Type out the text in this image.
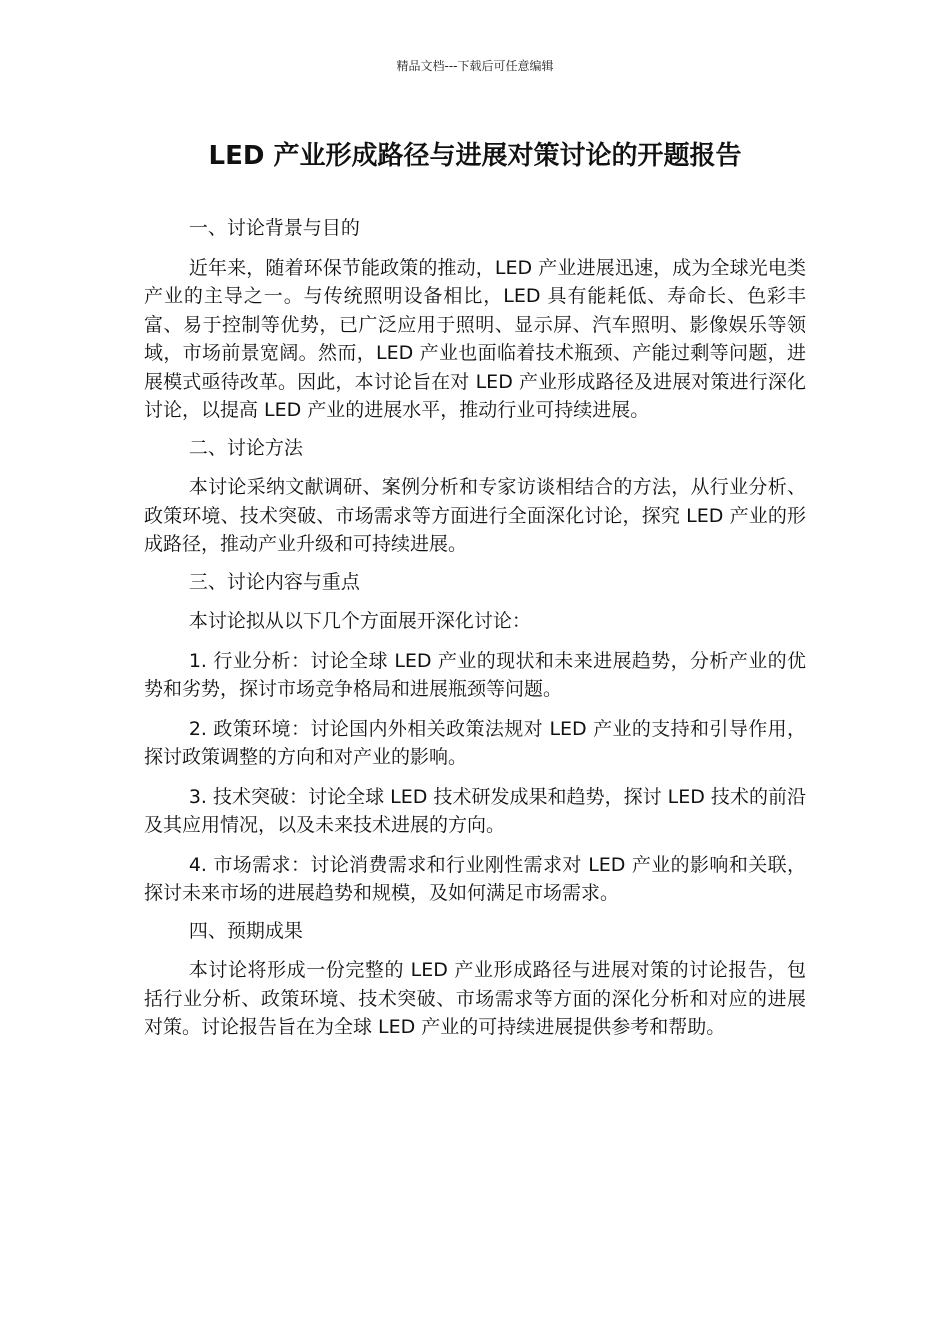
精品文档---下载后可任意编辑
LED 产业形成路径与进展对策讨论的开题报告

一、讨论背景与目的

近年来，随着环保节能政策的推动，LED 产业进展迅速，成为全球光电类产业的主导之一。与传统照明设备相比，LED 具有能耗低、寿命长、色彩丰富、易于控制等优势，已广泛应用于照明、显示屏、汽车照明、影像娱乐等领域，市场前景宽阔。然而，LED 产业也面临着技术瓶颈、产能过剩等问题，进展模式亟待改革。因此，本讨论旨在对 LED 产业形成路径及进展对策进行深化讨论，以提高 LED 产业的进展水平，推动行业可持续进展。

二、讨论方法

本讨论采纳文献调研、案例分析和专家访谈相结合的方法，从行业分析、政策环境、技术突破、市场需求等方面进行全面深化讨论，探究 LED 产业的形成路径，推动产业升级和可持续进展。

三、讨论内容与重点

本讨论拟从以下几个方面展开深化讨论：

1. 行业分析：讨论全球 LED 产业的现状和未来进展趋势，分析产业的优势和劣势，探讨市场竞争格局和进展瓶颈等问题。

2. 政策环境：讨论国内外相关政策法规对 LED 产业的支持和引导作用，探讨政策调整的方向和对产业的影响。

3. 技术突破：讨论全球 LED 技术研发成果和趋势，探讨 LED 技术的前沿及其应用情况，以及未来技术进展的方向。

4. 市场需求：讨论消费需求和行业刚性需求对 LED 产业的影响和关联，探讨未来市场的进展趋势和规模，及如何满足市场需求。

四、预期成果

本讨论将形成一份完整的 LED 产业形成路径与进展对策的讨论报告，包括行业分析、政策环境、技术突破、市场需求等方面的深化分析和对应的进展对策。讨论报告旨在为全球 LED 产业的可持续进展提供参考和帮助。
